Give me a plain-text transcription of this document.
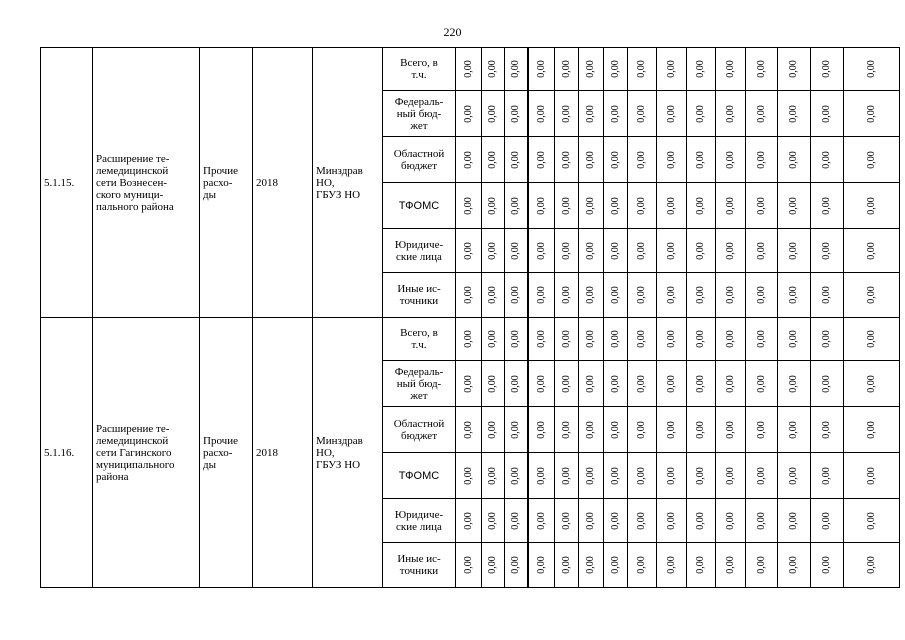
220
5.1.15.	Расширение те-
лемедицинской
сети Вознесен-
ского муници-
пального района	Прочие
расхо-
ды	2018	Минздрав
НО,
ГБУЗ НО	Всего, в
т.ч.	0,00	0,00	0,00	0,00	0,00	0,00	0,00	0,00	0,00	0,00	0,00	0,00	0,00	0,00	0,00
					Федераль-
ный бюд-
жет	0,00	0,00	0,00	0,00	0,00	0,00	0,00	0,00	0,00	0,00	0,00	0,00	0,00	0,00	0,00
					Областной
бюджет	0,00	0,00	0,00	0,00	0,00	0,00	0,00	0,00	0,00	0,00	0,00	0,00	0,00	0,00	0,00
					ТФОМС	0,00	0,00	0,00	0,00	0,00	0,00	0,00	0,00	0,00	0,00	0,00	0,00	0,00	0,00	0,00
					Юридиче-
ские лица	0,00	0,00	0,00	0,00	0,00	0,00	0,00	0,00	0,00	0,00	0,00	0,00	0,00	0,00	0,00
					Иные ис-
точники	0,00	0,00	0,00	0,00	0,00	0,00	0,00	0,00	0,00	0,00	0,00	0,00	0,00	0,00	0,00
5.1.16.	Расширение те-
лемедицинской
сети Гагинского
муниципального
района	Прочие
расхо-
ды	2018	Минздрав
НО,
ГБУЗ НО	Всего, в
т.ч.	0,00	0,00	0,00	0,00	0,00	0,00	0,00	0,00	0,00	0,00	0,00	0,00	0,00	0,00	0,00
					Федераль-
ный бюд-
жет	0,00	0,00	0,00	0,00	0,00	0,00	0,00	0,00	0,00	0,00	0,00	0,00	0,00	0,00	0,00
					Областной
бюджет	0,00	0,00	0,00	0,00	0,00	0,00	0,00	0,00	0,00	0,00	0,00	0,00	0,00	0,00	0,00
					ТФОМС	0,00	0,00	0,00	0,00	0,00	0,00	0,00	0,00	0,00	0,00	0,00	0,00	0,00	0,00	0,00
					Юридиче-
ские лица	0,00	0,00	0,00	0,00	0,00	0,00	0,00	0,00	0,00	0,00	0,00	0,00	0,00	0,00	0,00
					Иные ис-
точники	0,00	0,00	0,00	0,00	0,00	0,00	0,00	0,00	0,00	0,00	0,00	0,00	0,00	0,00	0,00
